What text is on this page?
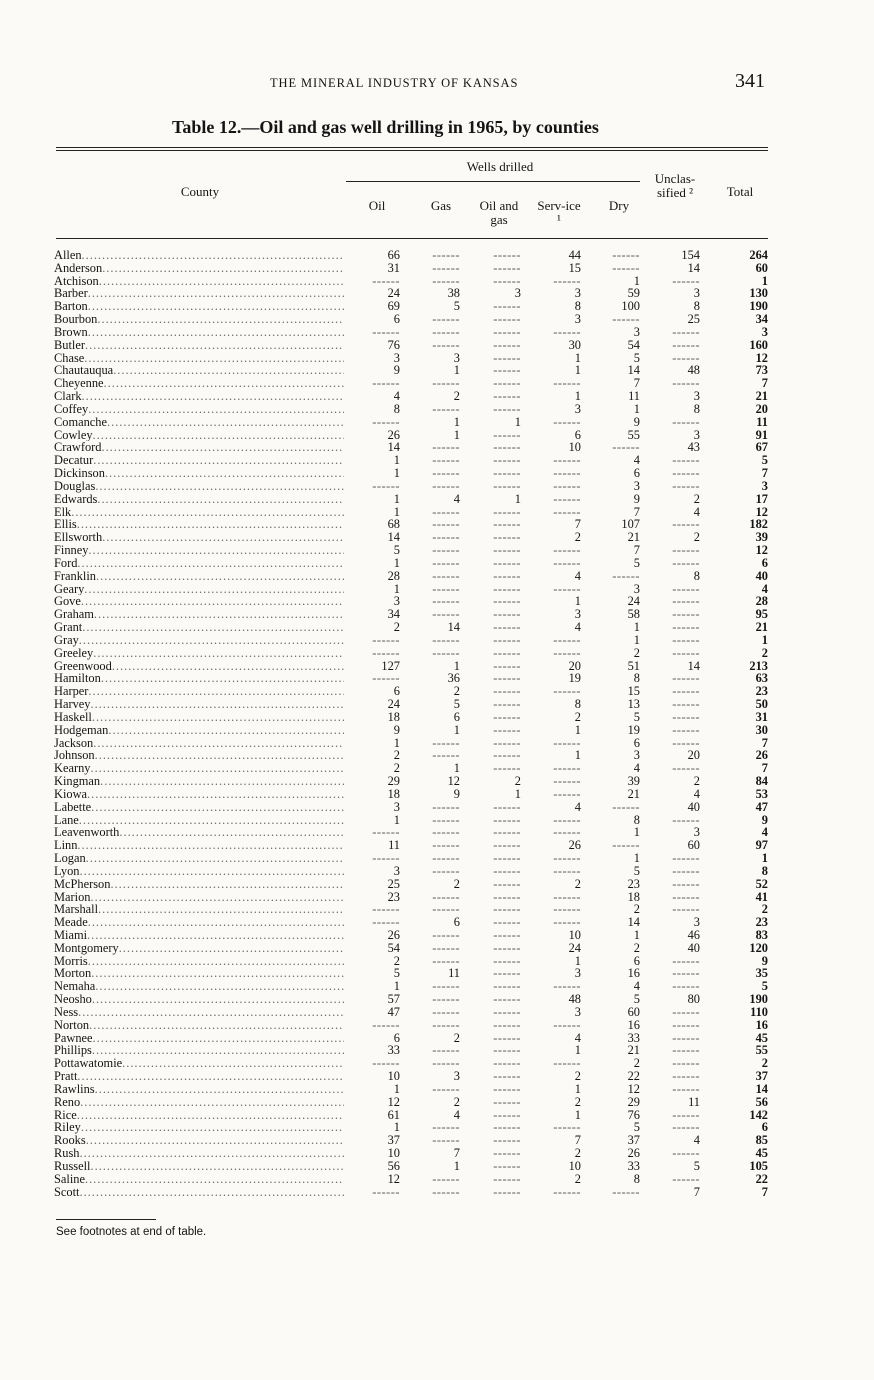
THE MINERAL INDUSTRY OF KANSAS	341
Table 12.—Oil and gas well drilling in 1965, by counties
County
Wells drilled
Oil	Gas	Oil and gas
Serv-ice ¹
Dry
Unclas-sified ²	Total
Allen .....	66	------	------	44	------	154	264
Anderson .....	31	------	------	15	------	14	60
Atchison .....	------	------	------	------	1	------	1
Barber .....	24	38	3	3	59	3	130
Barton .....	69	5	------	8	100	8	190
Bourbon .....	6	------	------	3	------	25	34
Brown .....	------	------	------	------	3	------	3
Butler .....	76	------	------	30	54	------	160
Chase .....	3	3	------	1	5	------	12
Chautauqua .....	9	1	------	1	14	48	73
Cheyenne .....	------	------	------	------	7	------	7
Clark .....	4	2	------	1	11	3	21
Coffey .....	8	------	------	3	1	8	20
Comanche .....	------	1	1	------	9	------	11
Cowley .....	26	1	------	6	55	3	91
Crawford .....	14	------	------	10	------	43	67
Decatur .....	1	------	------	------	4	------	5
Dickinson .....	1	------	------	------	6	------	7
Douglas .....	------	------	------	------	3	------	3
Edwards .....	1	4	1	------	9	2	17
Elk .....	1	------	------	------	7	4	12
Ellis .....	68	------	------	7	107	------	182
Ellsworth .....	14	------	------	2	21	2	39
Finney .....	5	------	------	------	7	------	12
Ford .....	1	------	------	------	5	------	6
Franklin .....	28	------	------	4	------	8	40
Geary .....	1	------	------	------	3	------	4
Gove .....	3	------	------	1	24	------	28
Graham .....	34	------	------	3	58	------	95
Grant .....	2	14	------	4	1	------	21
Gray .....	------	------	------	------	1	------	1
Greeley .....	------	------	------	------	2	------	2
Greenwood .....	127	1	------	20	51	14	213
Hamilton .....	------	36	------	19	8	------	63
Harper .....	6	2	------	------	15	------	23
Harvey .....	24	5	------	8	13	------	50
Haskell .....	18	6	------	2	5	------	31
Hodgeman .....	9	1	------	1	19	------	30
Jackson .....	1	------	------	------	6	------	7
Johnson .....	2	------	------	1	3	20	26
Kearny .....	2	1	------	------	4	------	7
Kingman .....	29	12	2	------	39	2	84
Kiowa .....	18	9	1	------	21	4	53
Labette .....	3	------	------	4	------	40	47
Lane .....	1	------	------	------	8	------	9
Leavenworth .....	------	------	------	------	1	3	4
Linn .....	11	------	------	26	------	60	97
Logan .....	------	------	------	------	1	------	1
Lyon .....	3	------	------	------	5	------	8
McPherson .....	25	2	------	2	23	------	52
Marion .....	23	------	------	------	18	------	41
Marshall .....	------	------	------	------	2	------	2
Meade .....	------	6	------	------	14	3	23
Miami .....	26	------	------	10	1	46	83
Montgomery .....	54	------	------	24	2	40	120
Morris .....	2	------	------	1	6	------	9
Morton .....	5	11	------	3	16	------	35
Nemaha .....	1	------	------	------	4	------	5
Neosho .....	57	------	------	48	5	80	190
Ness .....	47	------	------	3	60	------	110
Norton .....	------	------	------	------	16	------	16
Pawnee .....	6	2	------	4	33	------	45
Phillips .....	33	------	------	1	21	------	55
Pottawatomie .....	------	------	------	------	2	------	2
Pratt .....	10	3	------	2	22	------	37
Rawlins .....	1	------	------	1	12	------	14
Reno .....	12	2	------	2	29	11	56
Rice .....	61	4	------	1	76	------	142
Riley .....	1	------	------	------	5	------	6
Rooks .....	37	------	------	7	37	4	85
Rush .....	10	7	------	2	26	------	45
Russell .....	56	1	------	10	33	5	105
Saline .....	12	------	------	2	8	------	22
Scott .....	------	------	------	------	------	7	7
See footnotes at end of table.
